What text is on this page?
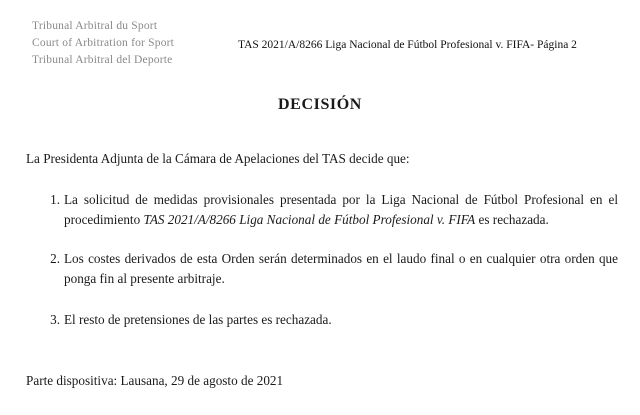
Tribunal Arbitral du Sport
Court of Arbitration for Sport
Tribunal Arbitral del Deporte
TAS 2021/A/8266 Liga Nacional de Fútbol Profesional v. FIFA- Página 2
DECISIÓN
La Presidenta Adjunta de la Cámara de Apelaciones del TAS decide que:
1. La solicitud de medidas provisionales presentada por la Liga Nacional de Fútbol Profesional en el procedimiento TAS 2021/A/8266 Liga Nacional de Fútbol Profesional v. FIFA es rechazada.
2. Los costes derivados de esta Orden serán determinados en el laudo final o en cualquier otra orden que ponga fin al presente arbitraje.
3. El resto de pretensiones de las partes es rechazada.
Parte dispositiva: Lausana, 29 de agosto de 2021
